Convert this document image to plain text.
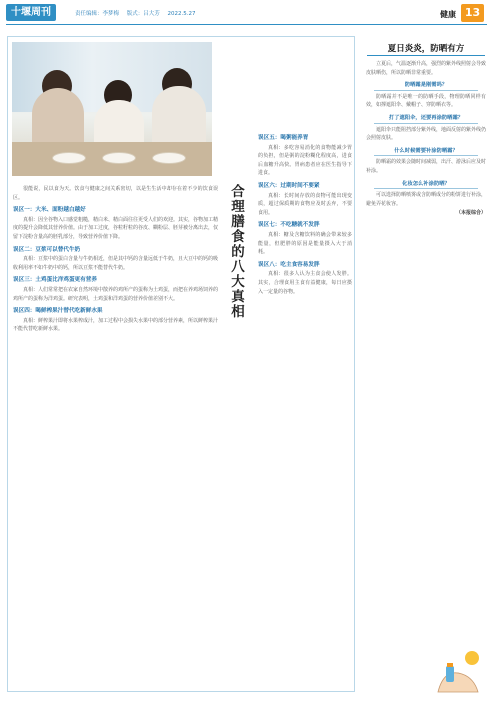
十堰周刊	责任编辑：李梦梅 版式：吕大芳 2022.5.27	健康 13
合理膳食的八大真相

很能说，民以食为天。饮食与健康之间关系密切，以是生生活中却存在着不少的饮食误区。

误区一：大米、面粉越白越好

真相：因全谷物入口感觉粗糙，精白米、精白面往往更受人们的欢迎。其实，谷物加工精度的提升会降低其营养价值。由于加工过度，谷粒籽粒的谷皮、糊粉层、胚芽被分离出去，仅留下淀粉含量高的胚乳部分，导致营养价值下降。

误区二：豆浆可以替代牛奶

真相：豆浆中的蛋白含量与牛奶相近，但是其中钙的含量远低于牛奶，且大豆中的钙的吸收利用率不如牛奶中的钙，所以豆浆不能替代牛奶。

误区三：土鸡蛋比洋鸡蛋更有营养

真相：人们常常把在农家自然环境中散养的鸡所产的蛋称为土鸡蛋，而把在养鸡场饲养的鸡所产的蛋称为洋鸡蛋。研究表明，土鸡蛋和洋鸡蛋的营养价值差别不大。

误区四：喝鲜榨果汁替代吃新鲜水果

真相：鲜榨果汁即将水果榨成汁，加工过程中会损失水果中的部分营养素，所以鲜榨果汁不能代替吃新鲜水果。

误区五：喝粥能养胃

真相：多吃容易消化的食物能减少胃的负担，但是粥的淀粉糊化程度高，进食后血糖升高快。胃病患者应在医生指导下进食。

误区六：过期时间不要紧

真相：长时间存放的食物可能出现变质，超过保质期的食物应及时丢弃，不要食用。

误区七：不吃糖就不发胖

真相：糖及含糖饮料的确会带来较多能量，但肥胖的原因是能量摄入大于消耗。

误区八：吃主食容易发胖

真相：很多人认为主食会使人发胖。其实，合理食用主食有益健康，每日应摄入一定量的谷物。

夏日炎炎，防晒有方

立夏后，气温逐渐升高，强烈的紫外线照射会导致皮肤晒伤，所以防晒非常重要。

防晒霜是刚需吗？

防晒霜并不是唯一的防晒手段，物理防晒同样有效，如撑遮阳伞、戴帽子、穿防晒衣等。

打了遮阳伞，还要再涂防晒霜？

遮阳伞只能阻挡部分紫外线，地面反射的紫外线仍会照射皮肤。

什么时候需要补涂防晒霜？

防晒霜的效果会随时间减弱，出汗、游泳后应及时补涂。

化妆怎么补涂防晒？

可以选择防晒喷雾或含防晒成分的粉饼进行补涂，避免弄花妆容。

（本报综合）
